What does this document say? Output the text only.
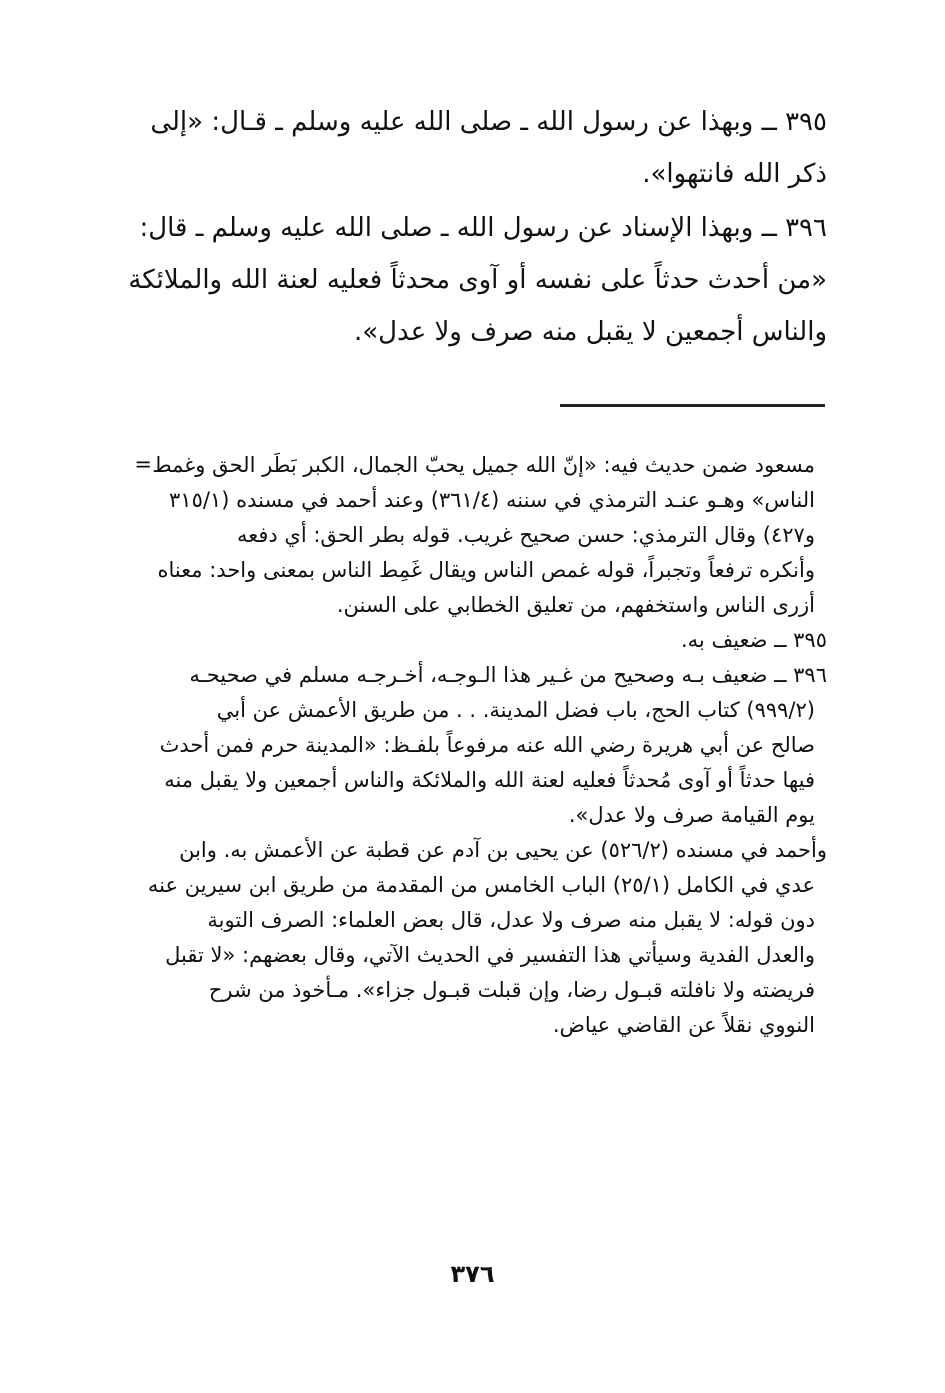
٣٩٥ ــ وبهذا عن رسول الله ـ صلى الله عليه وسلم ـ قـال: «إلى
ذكر الله فانتهوا».
٣٩٦ ــ وبهذا الإسناد عن رسول الله ـ صلى الله عليه وسلم ـ قال:
«من أحدث حدثاً على نفسه أو آوى محدثاً فعليه لعنة الله والملائكة
والناس أجمعين لا يقبل منه صرف ولا عدل».
= مسعود ضمن حديث فيه: «إنّ الله جميل يحبّ الجمال، الكبر بَطَر الحق وغمط
الناس» وهـو عنـد الترمذي في سننه (٣٦١/٤) وعند أحمد في مسنده (٣١٥/١
و٤٢٧) وقال الترمذي: حسن صحيح غريب. قوله بطر الحق: أي دفعه
وأنكره ترفعاً وتجبراً، قوله غمص الناس ويقال غَمِط الناس بمعنى واحد: معناه
أزرى الناس واستخفهم، من تعليق الخطابي على السنن.
٣٩٥ ــ ضعيف به.
٣٩٦ ــ ضعيف بـه وصحيح من غـير هذا الـوجـه، أخـرجـه مسلم في صحيحـه
(٩٩٩/٢) كتاب الحج، باب فضل المدينة. . . من طريق الأعمش عن أبي
صالح عن أبي هريرة رضي الله عنه مرفوعاً بلفـظ: «المدينة حرم فمن أحدث
فيها حدثاً أو آوى مُحدثاً فعليه لعنة الله والملائكة والناس أجمعين ولا يقبل منه
يوم القيامة صرف ولا عدل».
وأحمد في مسنده (٥٢٦/٢) عن يحيى بن آدم عن قطبة عن الأعمش به. وابن
عدي في الكامل (٢٥/١) الباب الخامس من المقدمة من طريق ابن سيرين عنه
دون قوله: لا يقبل منه صرف ولا عدل، قال بعض العلماء: الصرف التوبة
والعدل الفدية وسيأتي هذا التفسير في الحديث الآتي، وقال بعضهم: «لا تقبل
فريضته ولا نافلته قبـول رضا، وإن قبلت قبـول جزاء». مـأخوذ من شرح
النووي نقلاً عن القاضي عياض.
٣٧٦
